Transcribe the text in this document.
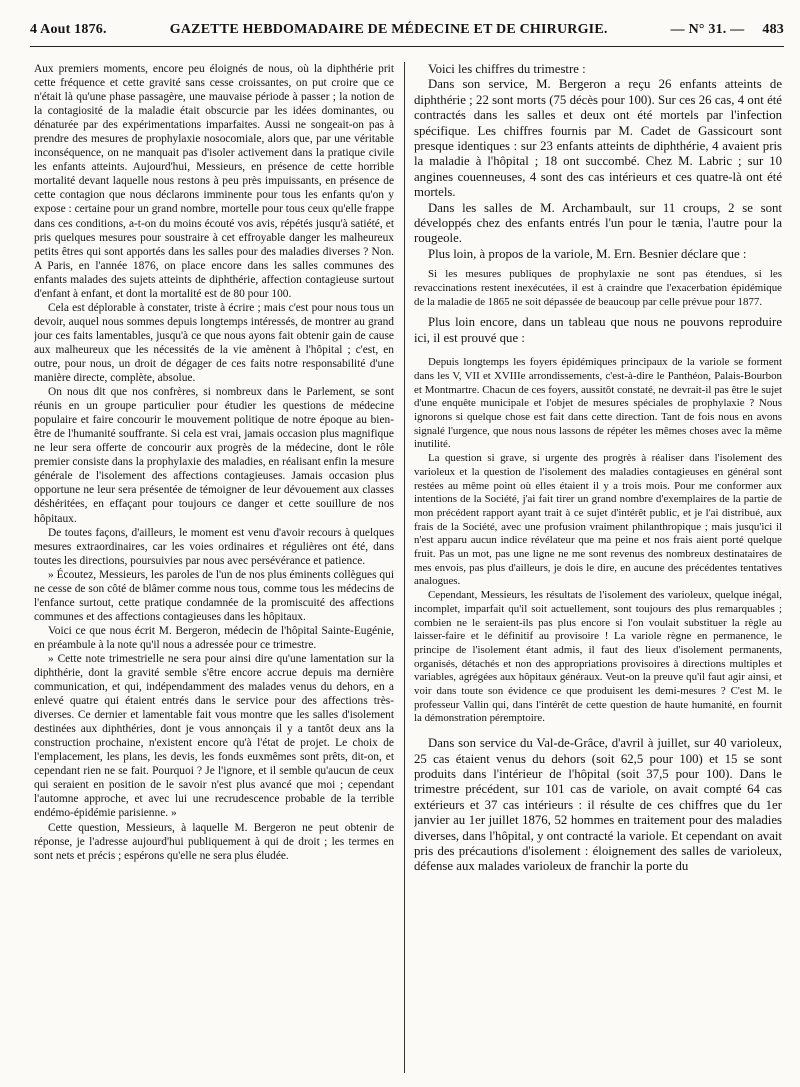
4 Aout 1876.	GAZETTE HEBDOMADAIRE DE MÉDECINE ET DE CHIRURGIE.	— N° 31. — 483

Aux premiers moments, encore peu éloignés de nous, où la diphthérie prit cette fréquence et cette gravité sans cesse croissantes, on put croire que ce n'était là qu'une phase passagère, une mauvaise période à passer ; la notion de la contagiosité de la maladie était obscurcie par les idées dominantes, ou dénaturée par des expérimentations imparfaites. Aussi ne songeait-on pas à prendre des mesures de prophylaxie nosocomiale, alors que, par une véritable inconséquence, on ne manquait pas d'isoler activement dans la pratique civile les enfants atteints. Aujourd'hui, Messieurs, en présence de cette horrible mortalité devant laquelle nous restons à peu près impuissants, en présence de cette contagion que nous déclarons imminente pour tous les enfants qu'on y expose : certaine pour un grand nombre, mortelle pour tous ceux qu'elle frappe dans ces conditions, a-t-on du moins écouté vos avis, répétés jusqu'à satiété, et pris quelques mesures pour soustraire à cet effroyable danger les malheureux petits êtres qui sont apportés dans les salles pour des maladies diverses ? Non. A Paris, en l'année 1876, on place encore dans les salles communes des enfants malades des sujets atteints de diphthérie, affection contagieuse surtout d'enfant à enfant, et dont la mortalité est de 80 pour 100.

Cela est déplorable à constater, triste à écrire ; mais c'est pour nous tous un devoir, auquel nous sommes depuis longtemps intéressés, de montrer au grand jour ces faits lamentables, jusqu'à ce que nous ayons fait obtenir gain de cause aux malheureux que les nécessités de la vie amènent à l'hôpital ; c'est, en outre, pour nous, un droit de dégager de ces faits notre responsabilité d'une manière directe, complète, absolue.

On nous dit que nos confrères, si nombreux dans le Parlement, se sont réunis en un groupe particulier pour étudier les questions de médecine populaire et faire concourir le mouvement politique de notre époque au bien-être de l'humanité souffrante. Si cela est vrai, jamais occasion plus magnifique ne leur sera offerte de concourir aux progrès de la médecine, dont le rôle premier consiste dans la prophylaxie des maladies, en réalisant enfin la mesure générale de l'isolement des affections contagieuses. Jamais occasion plus opportune ne leur sera présentée de témoigner de leur dévouement aux classes déshéritées, en effaçant pour toujours ce danger et cette souillure de nos hôpitaux.

De toutes façons, d'ailleurs, le moment est venu d'avoir recours à quelques mesures extraordinaires, car les voies ordinaires et régulières ont été, dans toutes les directions, poursuivies par nous avec persévérance et patience.

» Écoutez, Messieurs, les paroles de l'un de nos plus éminents collègues qui ne cesse de son côté de blâmer comme nous tous, comme tous les médecins de l'enfance surtout, cette pratique condamnée de la promiscuité des affections communes et des affections contagieuses dans les hôpitaux.

Voici ce que nous écrit M. Bergeron, médecin de l'hôpital Sainte-Eugénie, en préambule à la note qu'il nous a adressée pour ce trimestre.

» Cette note trimestrielle ne sera pour ainsi dire qu'une lamentation sur la diphthérie, dont la gravité semble s'être encore accrue depuis ma dernière communication, et qui, indépendamment des malades venus du dehors, en a enlevé quatre qui étaient entrés dans le service pour des affections très-diverses. Ce dernier et lamentable fait vous montre que les salles d'isolement destinées aux diphthéries, dont je vous annonçais il y a tantôt deux ans la construction prochaine, n'existent encore qu'à l'état de projet. Le choix de l'emplacement, les plans, les devis, les fonds euxmêmes sont prêts, dit-on, et cependant rien ne se fait. Pourquoi ? Je l'ignore, et il semble qu'aucun de ceux qui seraient en position de le savoir n'est plus avancé que moi ; cependant l'automne approche, et avec lui une recrudescence probable de la terrible endémo-épidémie parisienne. »

Cette question, Messieurs, à laquelle M. Bergeron ne peut obtenir de réponse, je l'adresse aujourd'hui publiquement à qui de droit ; les termes en sont nets et précis ; espérons qu'elle ne sera plus éludée.

Voici les chiffres du trimestre :

Dans son service, M. Bergeron a reçu 26 enfants atteints de diphthérie ; 22 sont morts (75 décès pour 100). Sur ces 26 cas, 4 ont été contractés dans les salles et deux ont été mortels par l'infection spécifique. Les chiffres fournis par M. Cadet de Gassicourt sont presque identiques : sur 23 enfants atteints de diphthérie, 4 avaient pris la maladie à l'hôpital ; 18 ont succombé. Chez M. Labric ; sur 10 angines couenneuses, 4 sont des cas intérieurs et ces quatre-là ont été mortels.

Dans les salles de M. Archambault, sur 11 croups, 2 se sont développés chez des enfants entrés l'un pour le tænia, l'autre pour la rougeole.

Plus loin, à propos de la variole, M. Ern. Besnier déclare que :

Si les mesures publiques de prophylaxie ne sont pas étendues, si les revaccinations restent inexécutées, il est à craindre que l'exacerbation épidémique de la maladie de 1865 ne soit dépassée de beaucoup par celle prévue pour 1877.

Plus loin encore, dans un tableau que nous ne pouvons reproduire ici, il est prouvé que :

Depuis longtemps les foyers épidémiques principaux de la variole se forment dans les V, VII et XVIIIe arrondissements, c'est-à-dire le Panthéon, Palais-Bourbon et Montmartre. Chacun de ces foyers, aussitôt constaté, ne devrait-il pas être le sujet d'une enquête municipale et l'objet de mesures spéciales de prophylaxie ? Nous ignorons si quelque chose est fait dans cette direction. Tant de fois nous en avons signalé l'urgence, que nous nous lassons de répéter les mêmes choses avec la même inutilité.

La question si grave, si urgente des progrès à réaliser dans l'isolement des varioleux et la question de l'isolement des maladies contagieuses en général sont restées au même point où elles étaient il y a trois mois. Pour me conformer aux intentions de la Société, j'ai fait tirer un grand nombre d'exemplaires de la partie de mon précédent rapport ayant trait à ce sujet d'intérêt public, et je l'ai distribué, aux frais de la Société, avec une profusion vraiment philanthropique ; mais jusqu'ici il n'est apparu aucun indice révélateur que ma peine et nos frais aient porté quelque fruit. Pas un mot, pas une ligne ne me sont revenus des nombreux destinataires de mes envois, pas plus d'ailleurs, je dois le dire, en aucune des précédentes tentatives analogues.

Cependant, Messieurs, les résultats de l'isolement des varioleux, quelque inégal, incomplet, imparfait qu'il soit actuellement, sont toujours des plus remarquables ; combien ne le seraient-ils pas plus encore si l'on voulait substituer la règle au laisser-faire et le définitif au provisoire ! La variole règne en permanence, le principe de l'isolement étant admis, il faut des lieux d'isolement permanents, organisés, détachés et non des appropriations provisoires à directions multiples et variables, agrégées aux hôpitaux généraux. Veut-on la preuve qu'il faut agir ainsi, et voir dans toute son évidence ce que produisent les demi-mesures ? C'est M. le professeur Vallin qui, dans l'intérêt de cette question de haute humanité, en fournit la démonstration péremptoire.

Dans son service du Val-de-Grâce, d'avril à juillet, sur 40 varioleux, 25 cas étaient venus du dehors (soit 62,5 pour 100) et 15 se sont produits dans l'intérieur de l'hôpital (soit 37,5 pour 100). Dans le trimestre précédent, sur 101 cas de variole, on avait compté 64 cas extérieurs et 37 cas intérieurs : il résulte de ces chiffres que du 1er janvier au 1er juillet 1876, 52 hommes en traitement pour des maladies diverses, dans l'hôpital, y ont contracté la variole. Et cependant on avait pris des précautions d'isolement : éloignement des salles de varioleux, défense aux malades varioleux de franchir la porte du
